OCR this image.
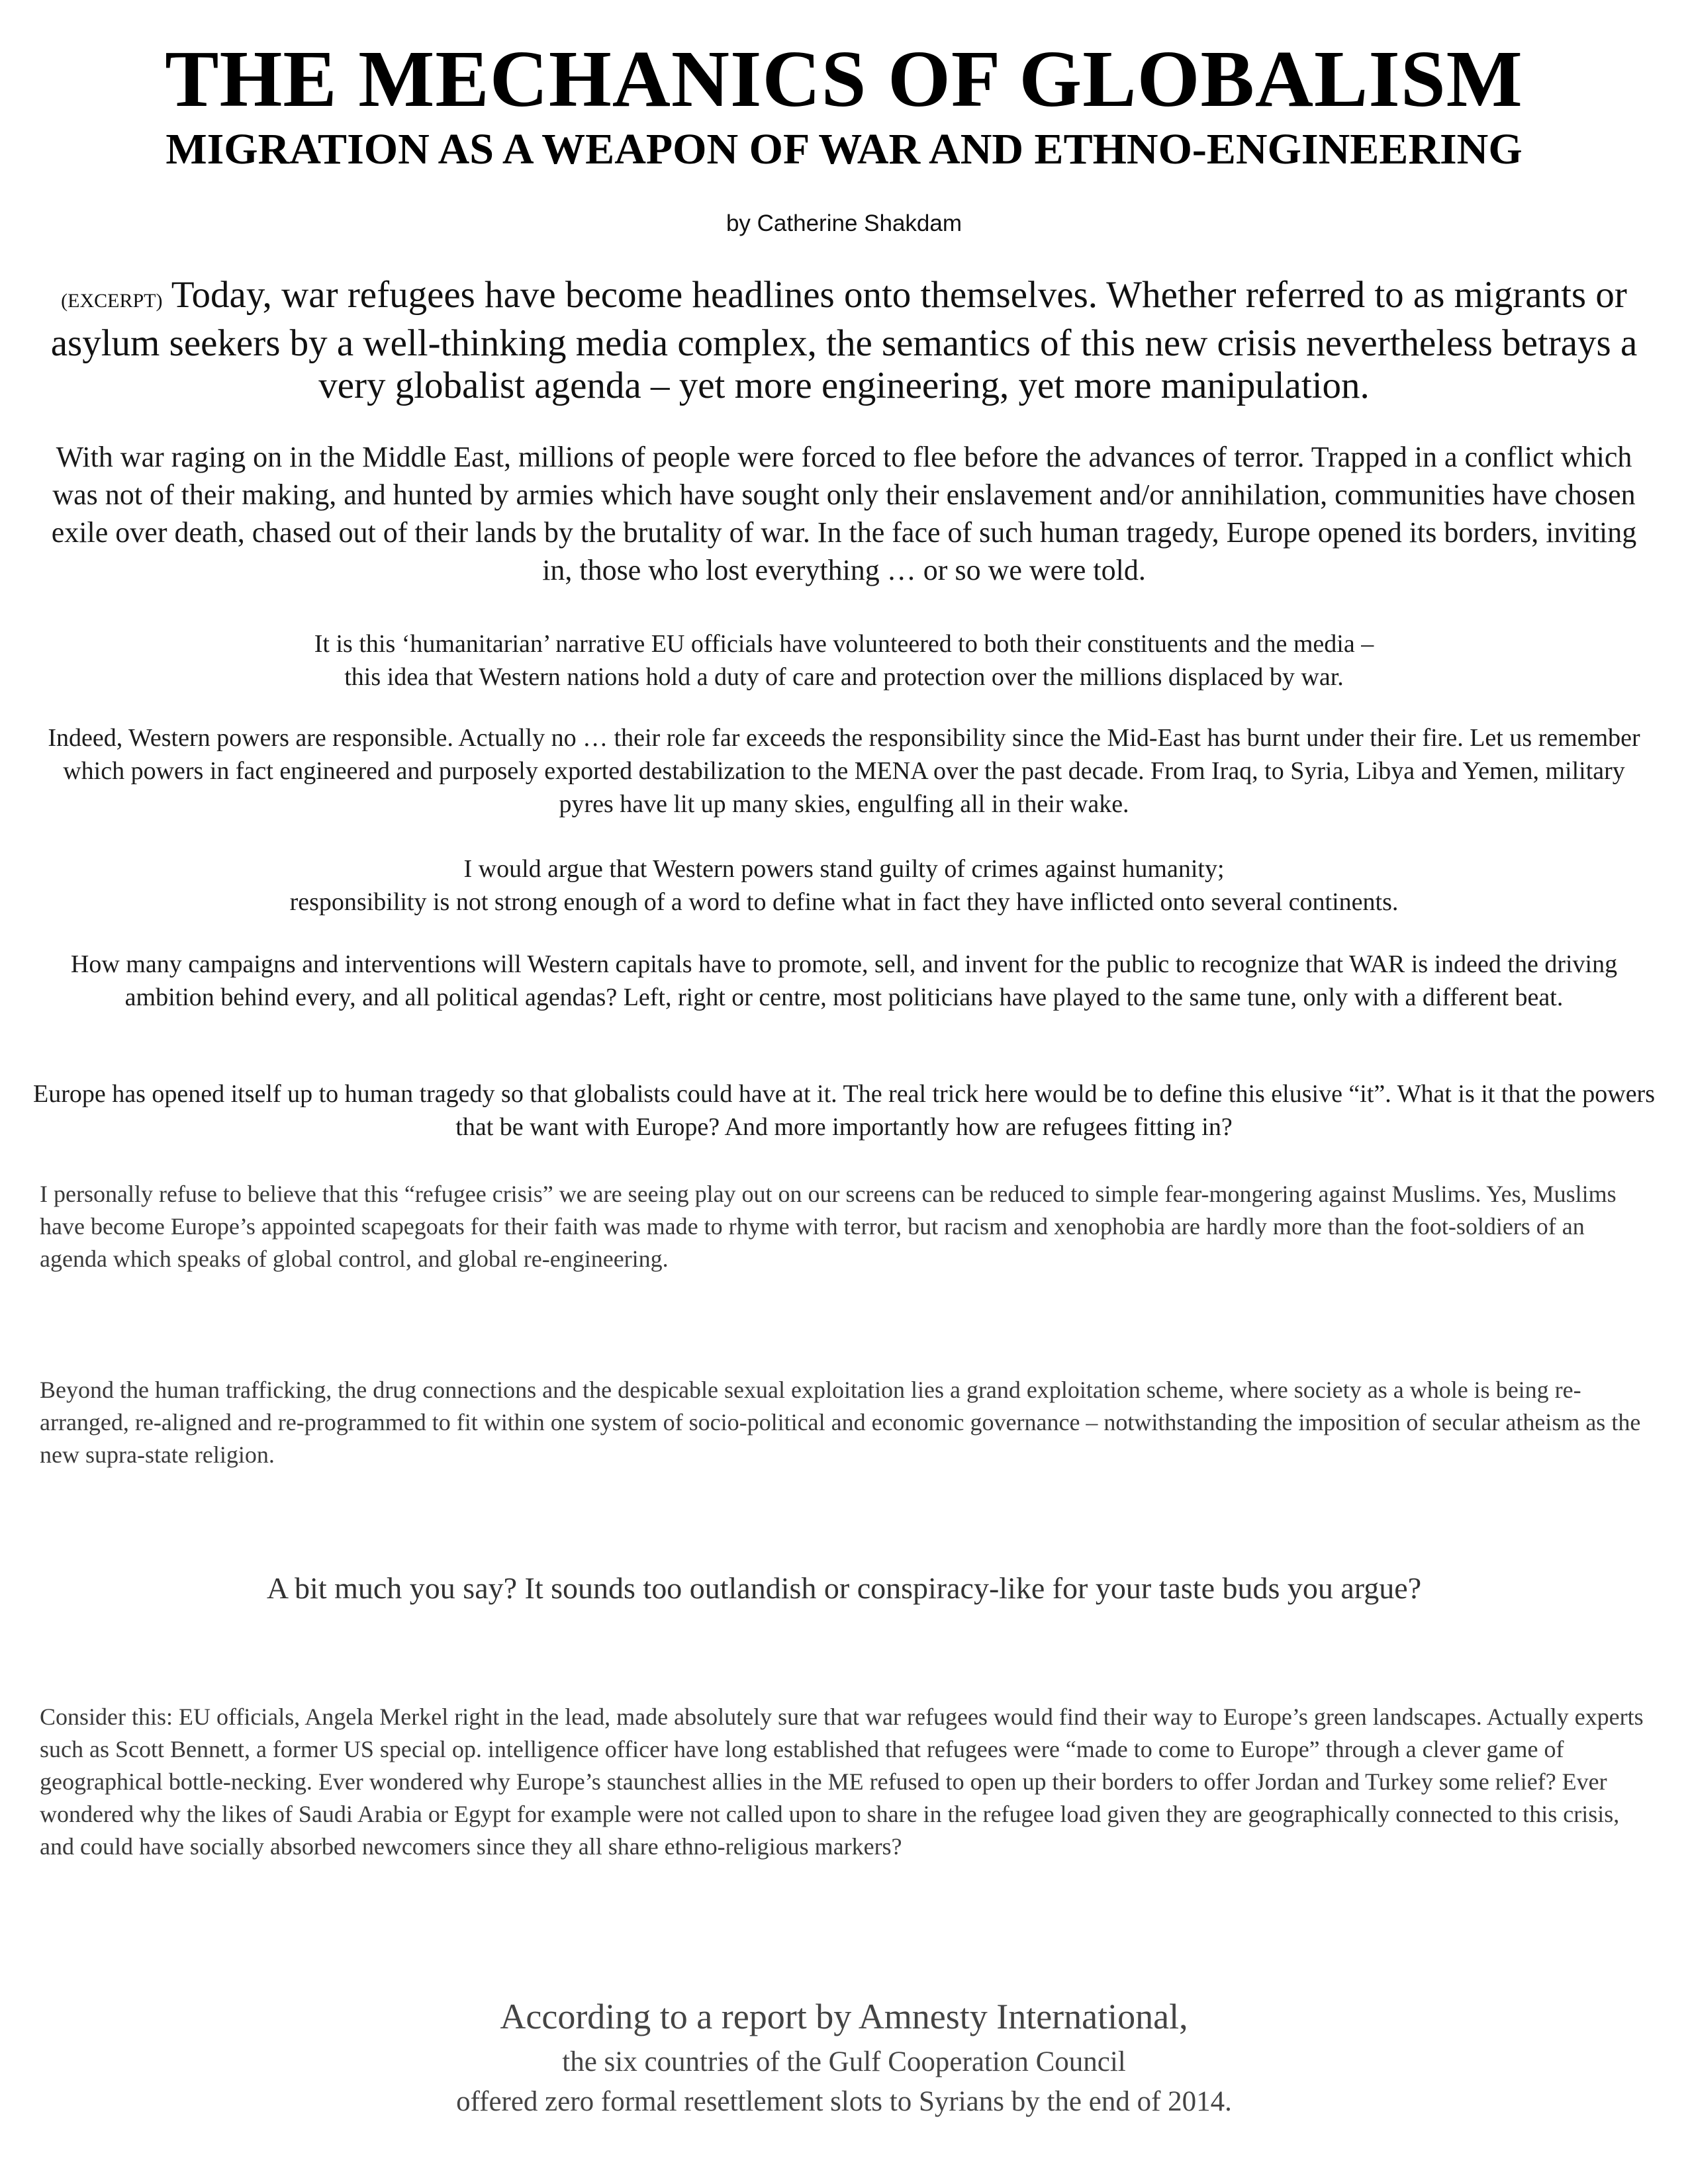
THE MECHANICS OF GLOBALISM
MIGRATION AS A WEAPON OF WAR AND ETHNO-ENGINEERING
by Catherine Shakdam

(EXCERPT) Today, war refugees have become headlines onto themselves. Whether referred to as migrants or asylum seekers by a well-thinking media complex, the semantics of this new crisis nevertheless betrays a very globalist agenda – yet more engineering, yet more manipulation.

With war raging on in the Middle East, millions of people were forced to flee before the advances of terror. Trapped in a conflict which was not of their making, and hunted by armies which have sought only their enslavement and/or annihilation, communities have chosen exile over death, chased out of their lands by the brutality of war. In the face of such human tragedy, Europe opened its borders, inviting in, those who lost everything … or so we were told.

It is this ‘humanitarian’ narrative EU officials have volunteered to both their constituents and the media –
this idea that Western nations hold a duty of care and protection over the millions displaced by war.

Indeed, Western powers are responsible. Actually no … their role far exceeds the responsibility since the Mid-East has burnt under their fire. Let us remember which powers in fact engineered and purposely exported destabilization to the MENA over the past decade. From Iraq, to Syria, Libya and Yemen, military pyres have lit up many skies, engulfing all in their wake.

I would argue that Western powers stand guilty of crimes against humanity;
responsibility is not strong enough of a word to define what in fact they have inflicted onto several continents.

How many campaigns and interventions will Western capitals have to promote, sell, and invent for the public to recognize that WAR is indeed the driving ambition behind every, and all political agendas? Left, right or centre, most politicians have played to the same tune, only with a different beat.

Europe has opened itself up to human tragedy so that globalists could have at it. The real trick here would be to define this elusive “it”. What is it that the powers that be want with Europe? And more importantly how are refugees fitting in?

I personally refuse to believe that this “refugee crisis” we are seeing play out on our screens can be reduced to simple fear-mongering against Muslims. Yes, Muslims have become Europe’s appointed scapegoats for their faith was made to rhyme with terror, but racism and xenophobia are hardly more than the foot-soldiers of an agenda which speaks of global control, and global re-engineering.

Beyond the human trafficking, the drug connections and the despicable sexual exploitation lies a grand exploitation scheme, where society as a whole is being re-arranged, re-aligned and re-programmed to fit within one system of socio-political and economic governance – notwithstanding the imposition of secular atheism as the new supra-state religion.

A bit much you say? It sounds too outlandish or conspiracy-like for your taste buds you argue?

Consider this: EU officials, Angela Merkel right in the lead, made absolutely sure that war refugees would find their way to Europe’s green landscapes. Actually experts such as Scott Bennett, a former US special op. intelligence officer have long established that refugees were “made to come to Europe” through a clever game of geographical bottle-necking. Ever wondered why Europe’s staunchest allies in the ME refused to open up their borders to offer Jordan and Turkey some relief? Ever wondered why the likes of Saudi Arabia or Egypt for example were not called upon to share in the refugee load given they are geographically connected to this crisis, and could have socially absorbed newcomers since they all share ethno-religious markers?

According to a report by Amnesty International,

the six countries of the Gulf Cooperation Council

offered zero formal resettlement slots to Syrians by the end of 2014.
